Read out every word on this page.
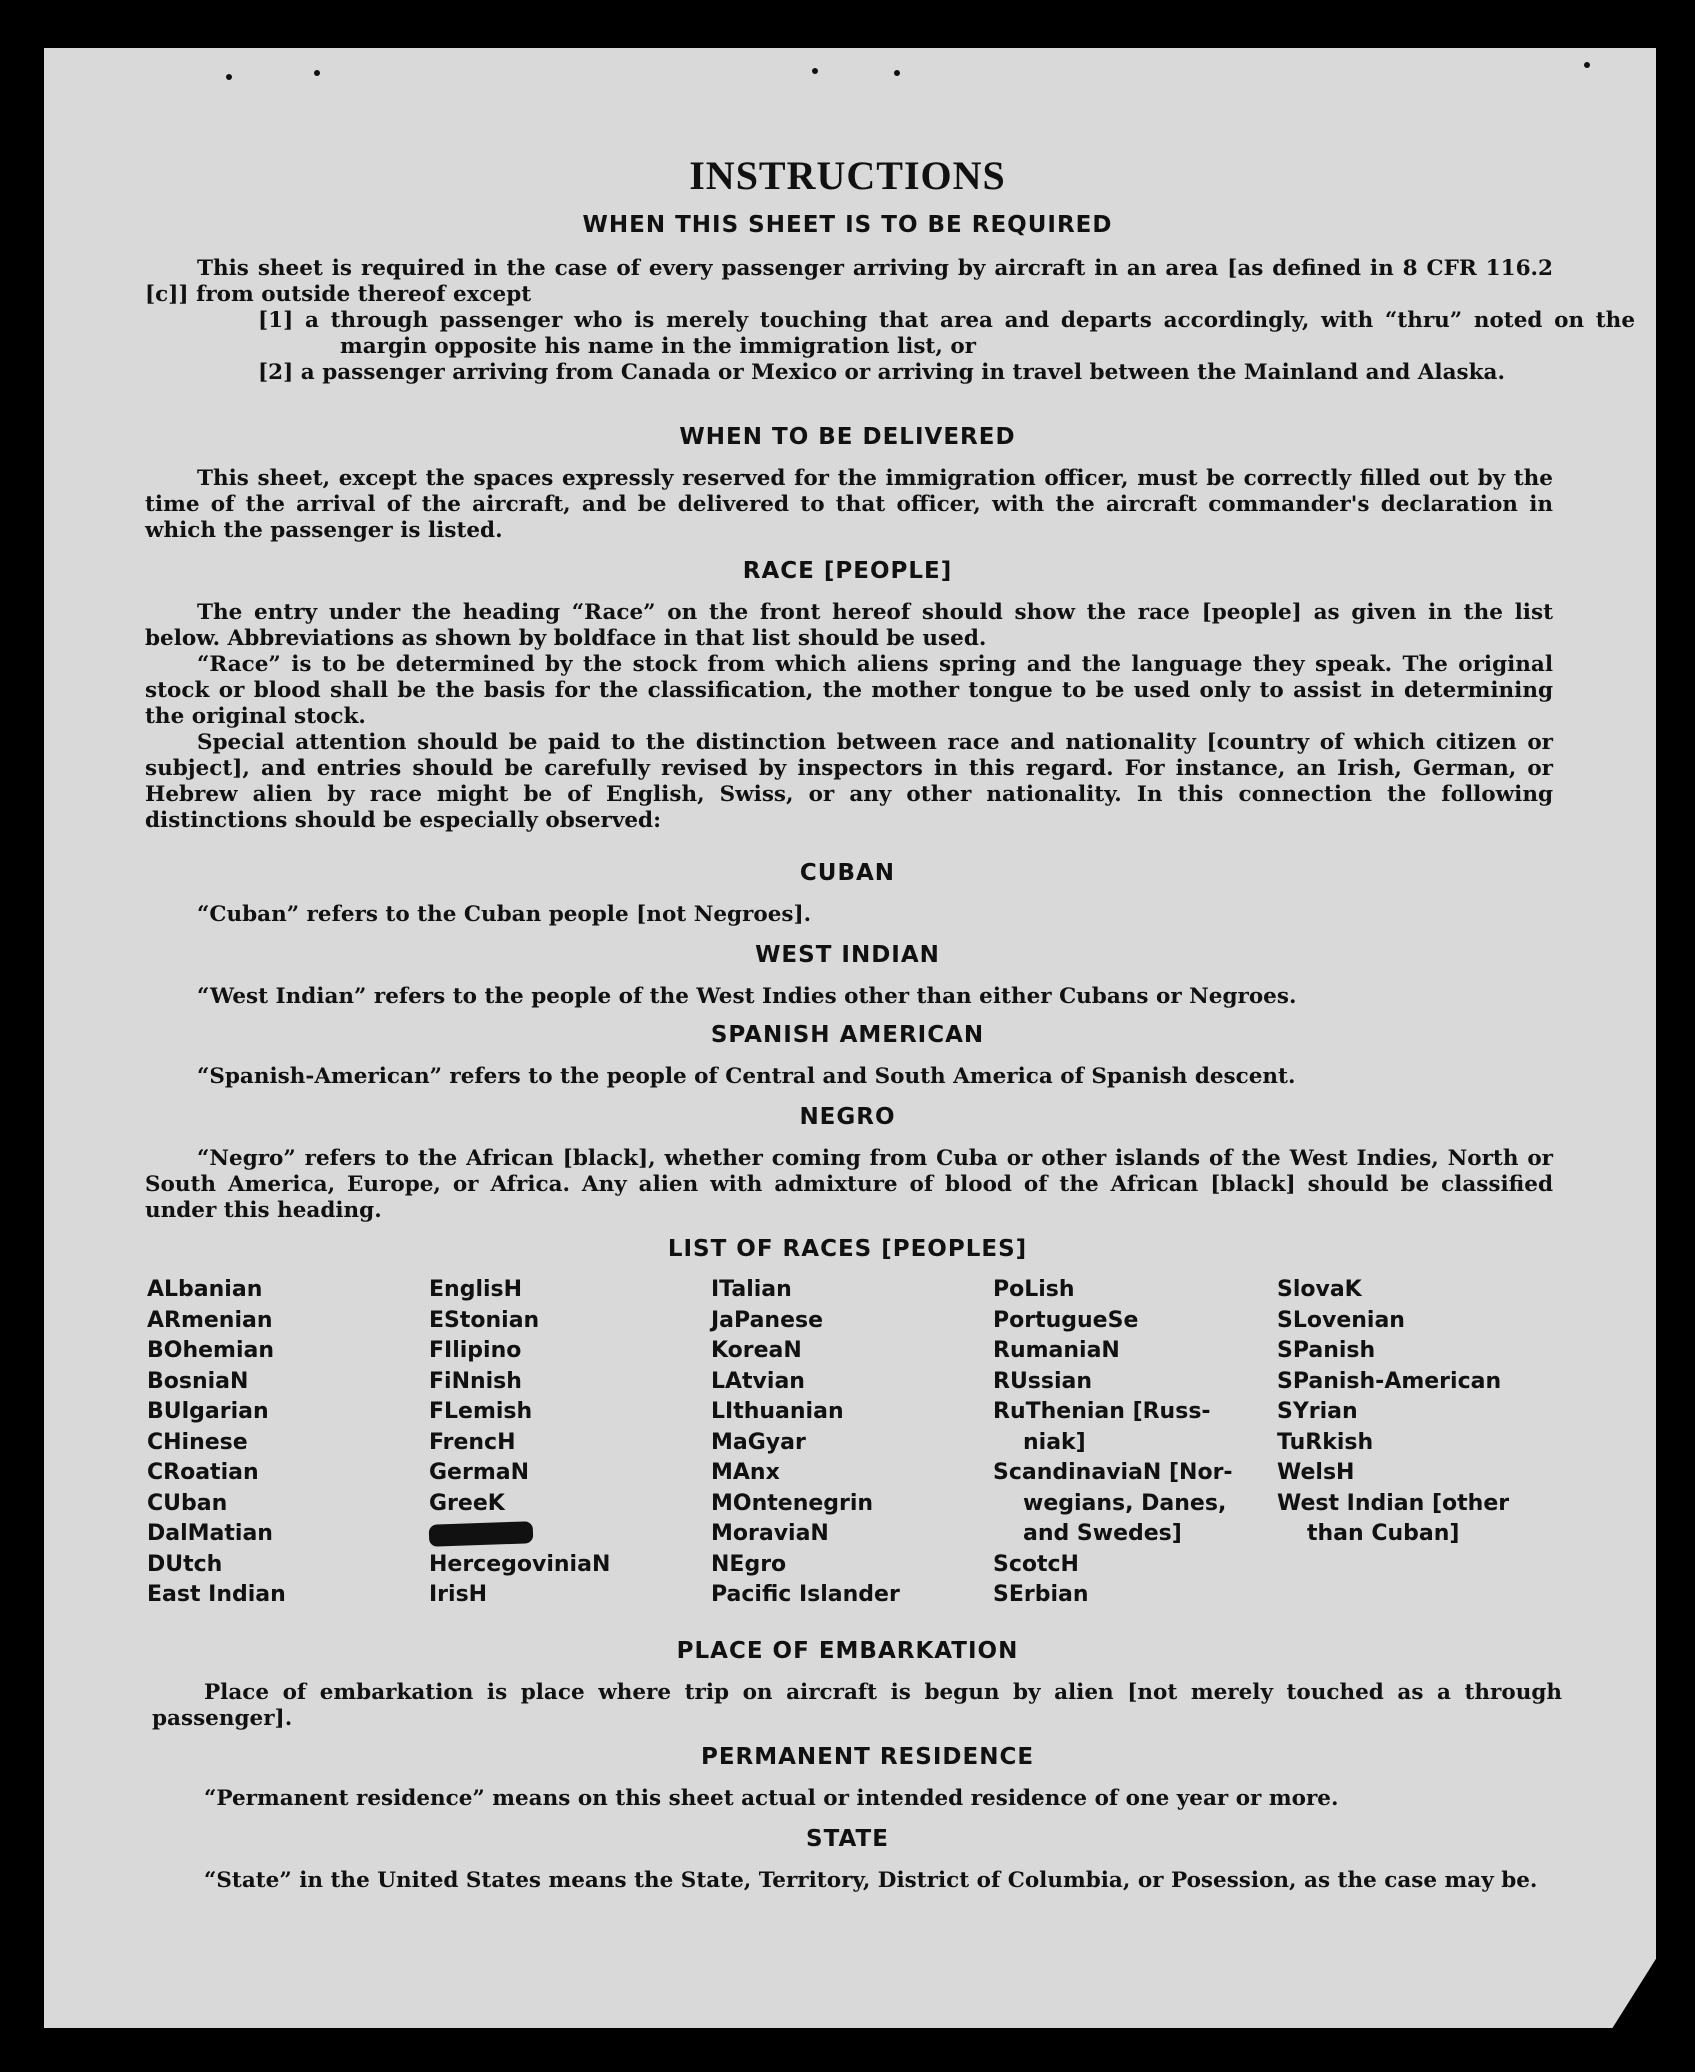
INSTRUCTIONS
WHEN THIS SHEET IS TO BE REQUIRED
This sheet is required in the case of every passenger arriving by aircraft in an area [as defined in 8 CFR 116.2 [c]] from outside thereof except
[1] a through passenger who is merely touching that area and departs accordingly, with “thru” noted on the margin opposite his name in the immigration list, or
[2] a passenger arriving from Canada or Mexico or arriving in travel between the Mainland and Alaska.
WHEN TO BE DELIVERED
This sheet, except the spaces expressly reserved for the immigration officer, must be correctly filled out by the time of the arrival of the aircraft, and be delivered to that officer, with the aircraft commander's declaration in which the passenger is listed.
RACE [PEOPLE]
The entry under the heading “Race” on the front hereof should show the race [people] as given in the list below. Abbreviations as shown by boldface in that list should be used.
“Race” is to be determined by the stock from which aliens spring and the language they speak. The original stock or blood shall be the basis for the classification, the mother tongue to be used only to assist in determining the original stock.
Special attention should be paid to the distinction between race and nationality [country of which citizen or subject], and entries should be carefully revised by inspectors in this regard. For instance, an Irish, German, or Hebrew alien by race might be of English, Swiss, or any other nationality. In this connection the following distinctions should be especially observed:
CUBAN
“Cuban” refers to the Cuban people [not Negroes].
WEST INDIAN
“West Indian” refers to the people of the West Indies other than either Cubans or Negroes.
SPANISH AMERICAN
“Spanish-American” refers to the people of Central and South America of Spanish descent.
NEGRO
“Negro” refers to the African [black], whether coming from Cuba or other islands of the West Indies, North or South America, Europe, or Africa. Any alien with admixture of blood of the African [black] should be classified under this heading.
LIST OF RACES [PEOPLES]
ALbanian
ARmenian
BOhemian
BosniaN
BUlgarian
CHinese
CRoatian
CUban
DalMatian
DUtch
East Indian
EnglisH
EStonian
FIlipino
FiNnish
FLemish
FrencH
GermaN
GreeK
HercegoviniaN
IrisH
ITalian
JaPanese
KoreaN
LAtvian
LIthuanian
MaGyar
MAnx
MOntenegrin
MoraviaN
NEgro
Pacific Islander
PoLish
PortugueSe
RumaniaN
RUssian
RuThenian [Russ-
niak]
ScandinaviaN [Nor-
wegians, Danes,
and Swedes]
ScotcH
SErbian
SlovaK
SLovenian
SPanish
SPanish-American
SYrian
TuRkish
WelsH
West Indian [other
than Cuban]
PLACE OF EMBARKATION
Place of embarkation is place where trip on aircraft is begun by alien [not merely touched as a through passenger].
PERMANENT RESIDENCE
“Permanent residence” means on this sheet actual or intended residence of one year or more.
STATE
“State” in the United States means the State, Territory, District of Columbia, or Posession, as the case may be.
